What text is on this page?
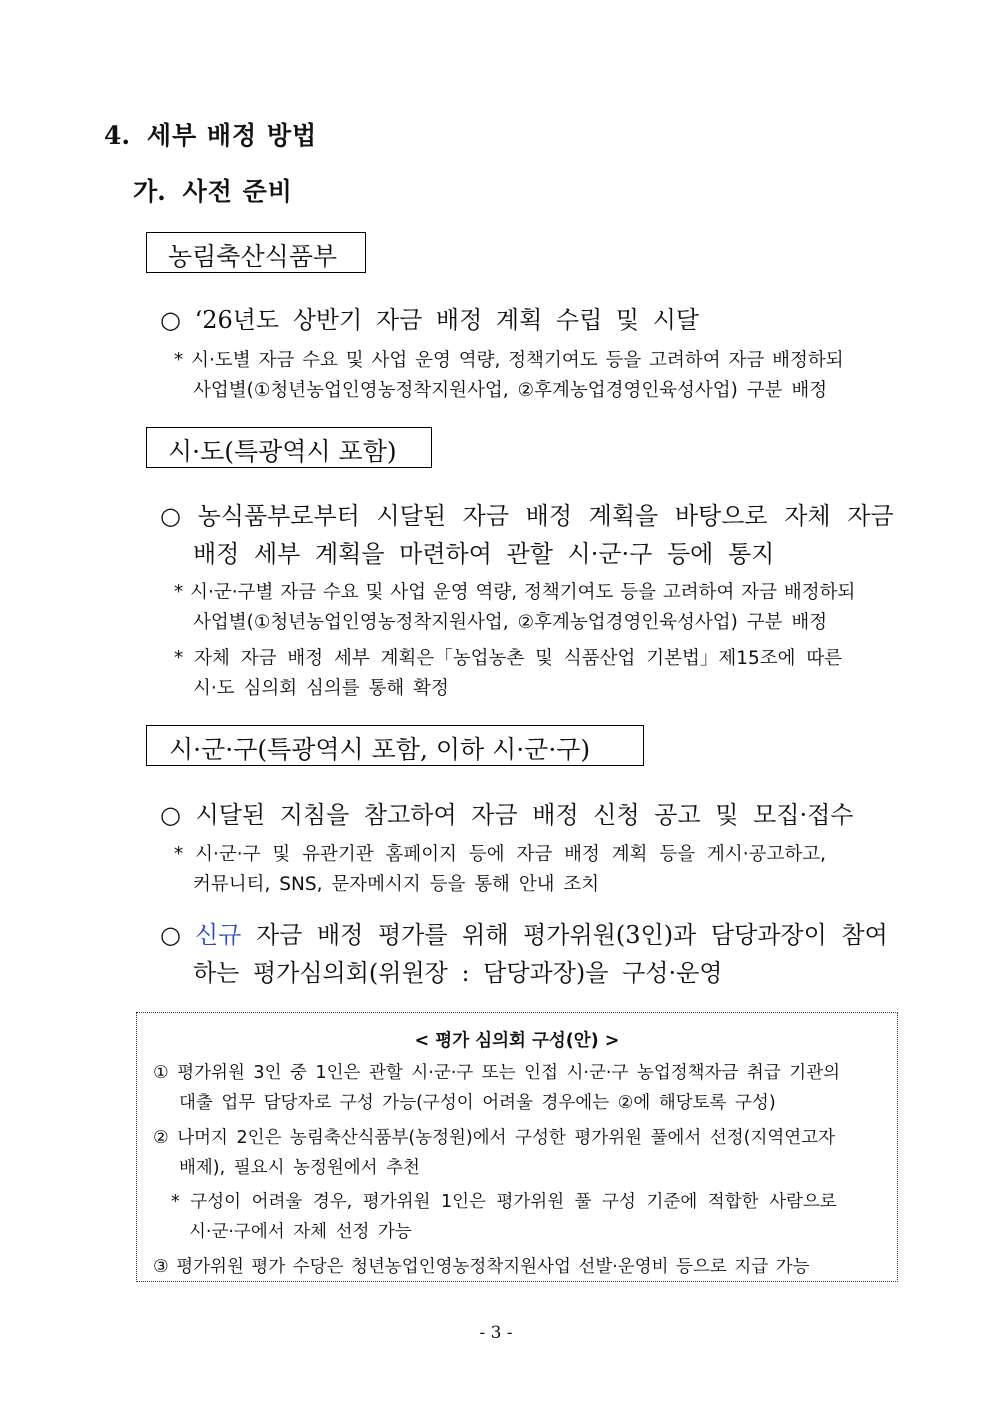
4. 세부 배정 방법
가. 사전 준비
농림축산식품부
○ ‘26년도 상반기 자금 배정 계획 수립 및 시달
* 시·도별 자금 수요 및 사업 운영 역량, 정책기여도 등을 고려하여 자금 배정하되
사업별(①청년농업인영농정착지원사업, ②후계농업경영인육성사업) 구분 배정
시·도(특광역시 포함)
○ 농식품부로부터 시달된 자금 배정 계획을 바탕으로 자체 자금
배정 세부 계획을 마련하여 관할 시·군·구 등에 통지
* 시·군·구별 자금 수요 및 사업 운영 역량, 정책기여도 등을 고려하여 자금 배정하되
사업별(①청년농업인영농정착지원사업, ②후계농업경영인육성사업) 구분 배정
* 자체 자금 배정 세부 계획은「농업농촌 및 식품산업 기본법」제15조에 따른
시·도 심의회 심의를 통해 확정
시·군·구(특광역시 포함, 이하 시·군·구)
○ 시달된 지침을 참고하여 자금 배정 신청 공고 및 모집·접수
* 시·군·구 및 유관기관 홈페이지 등에 자금 배정 계획 등을 게시·공고하고,
커뮤니티, SNS, 문자메시지 등을 통해 안내 조치
○ 신규 자금 배정 평가를 위해 평가위원(3인)과 담당과장이 참여
하는 평가심의회(위원장 : 담당과장)을 구성·운영
< 평가 심의회 구성(안) >
① 평가위원 3인 중 1인은 관할 시·군·구 또는 인접 시·군·구 농업정책자금 취급 기관의
대출 업무 담당자로 구성 가능(구성이 어려울 경우에는 ②에 해당토록 구성)
② 나머지 2인은 농림축산식품부(농정원)에서 구성한 평가위원 풀에서 선정(지역연고자
배제), 필요시 농정원에서 추천
* 구성이 어려울 경우, 평가위원 1인은 평가위원 풀 구성 기준에 적합한 사람으로
시·군·구에서 자체 선정 가능
③ 평가위원 평가 수당은 청년농업인영농정착지원사업 선발·운영비 등으로 지급 가능
- 3 -
